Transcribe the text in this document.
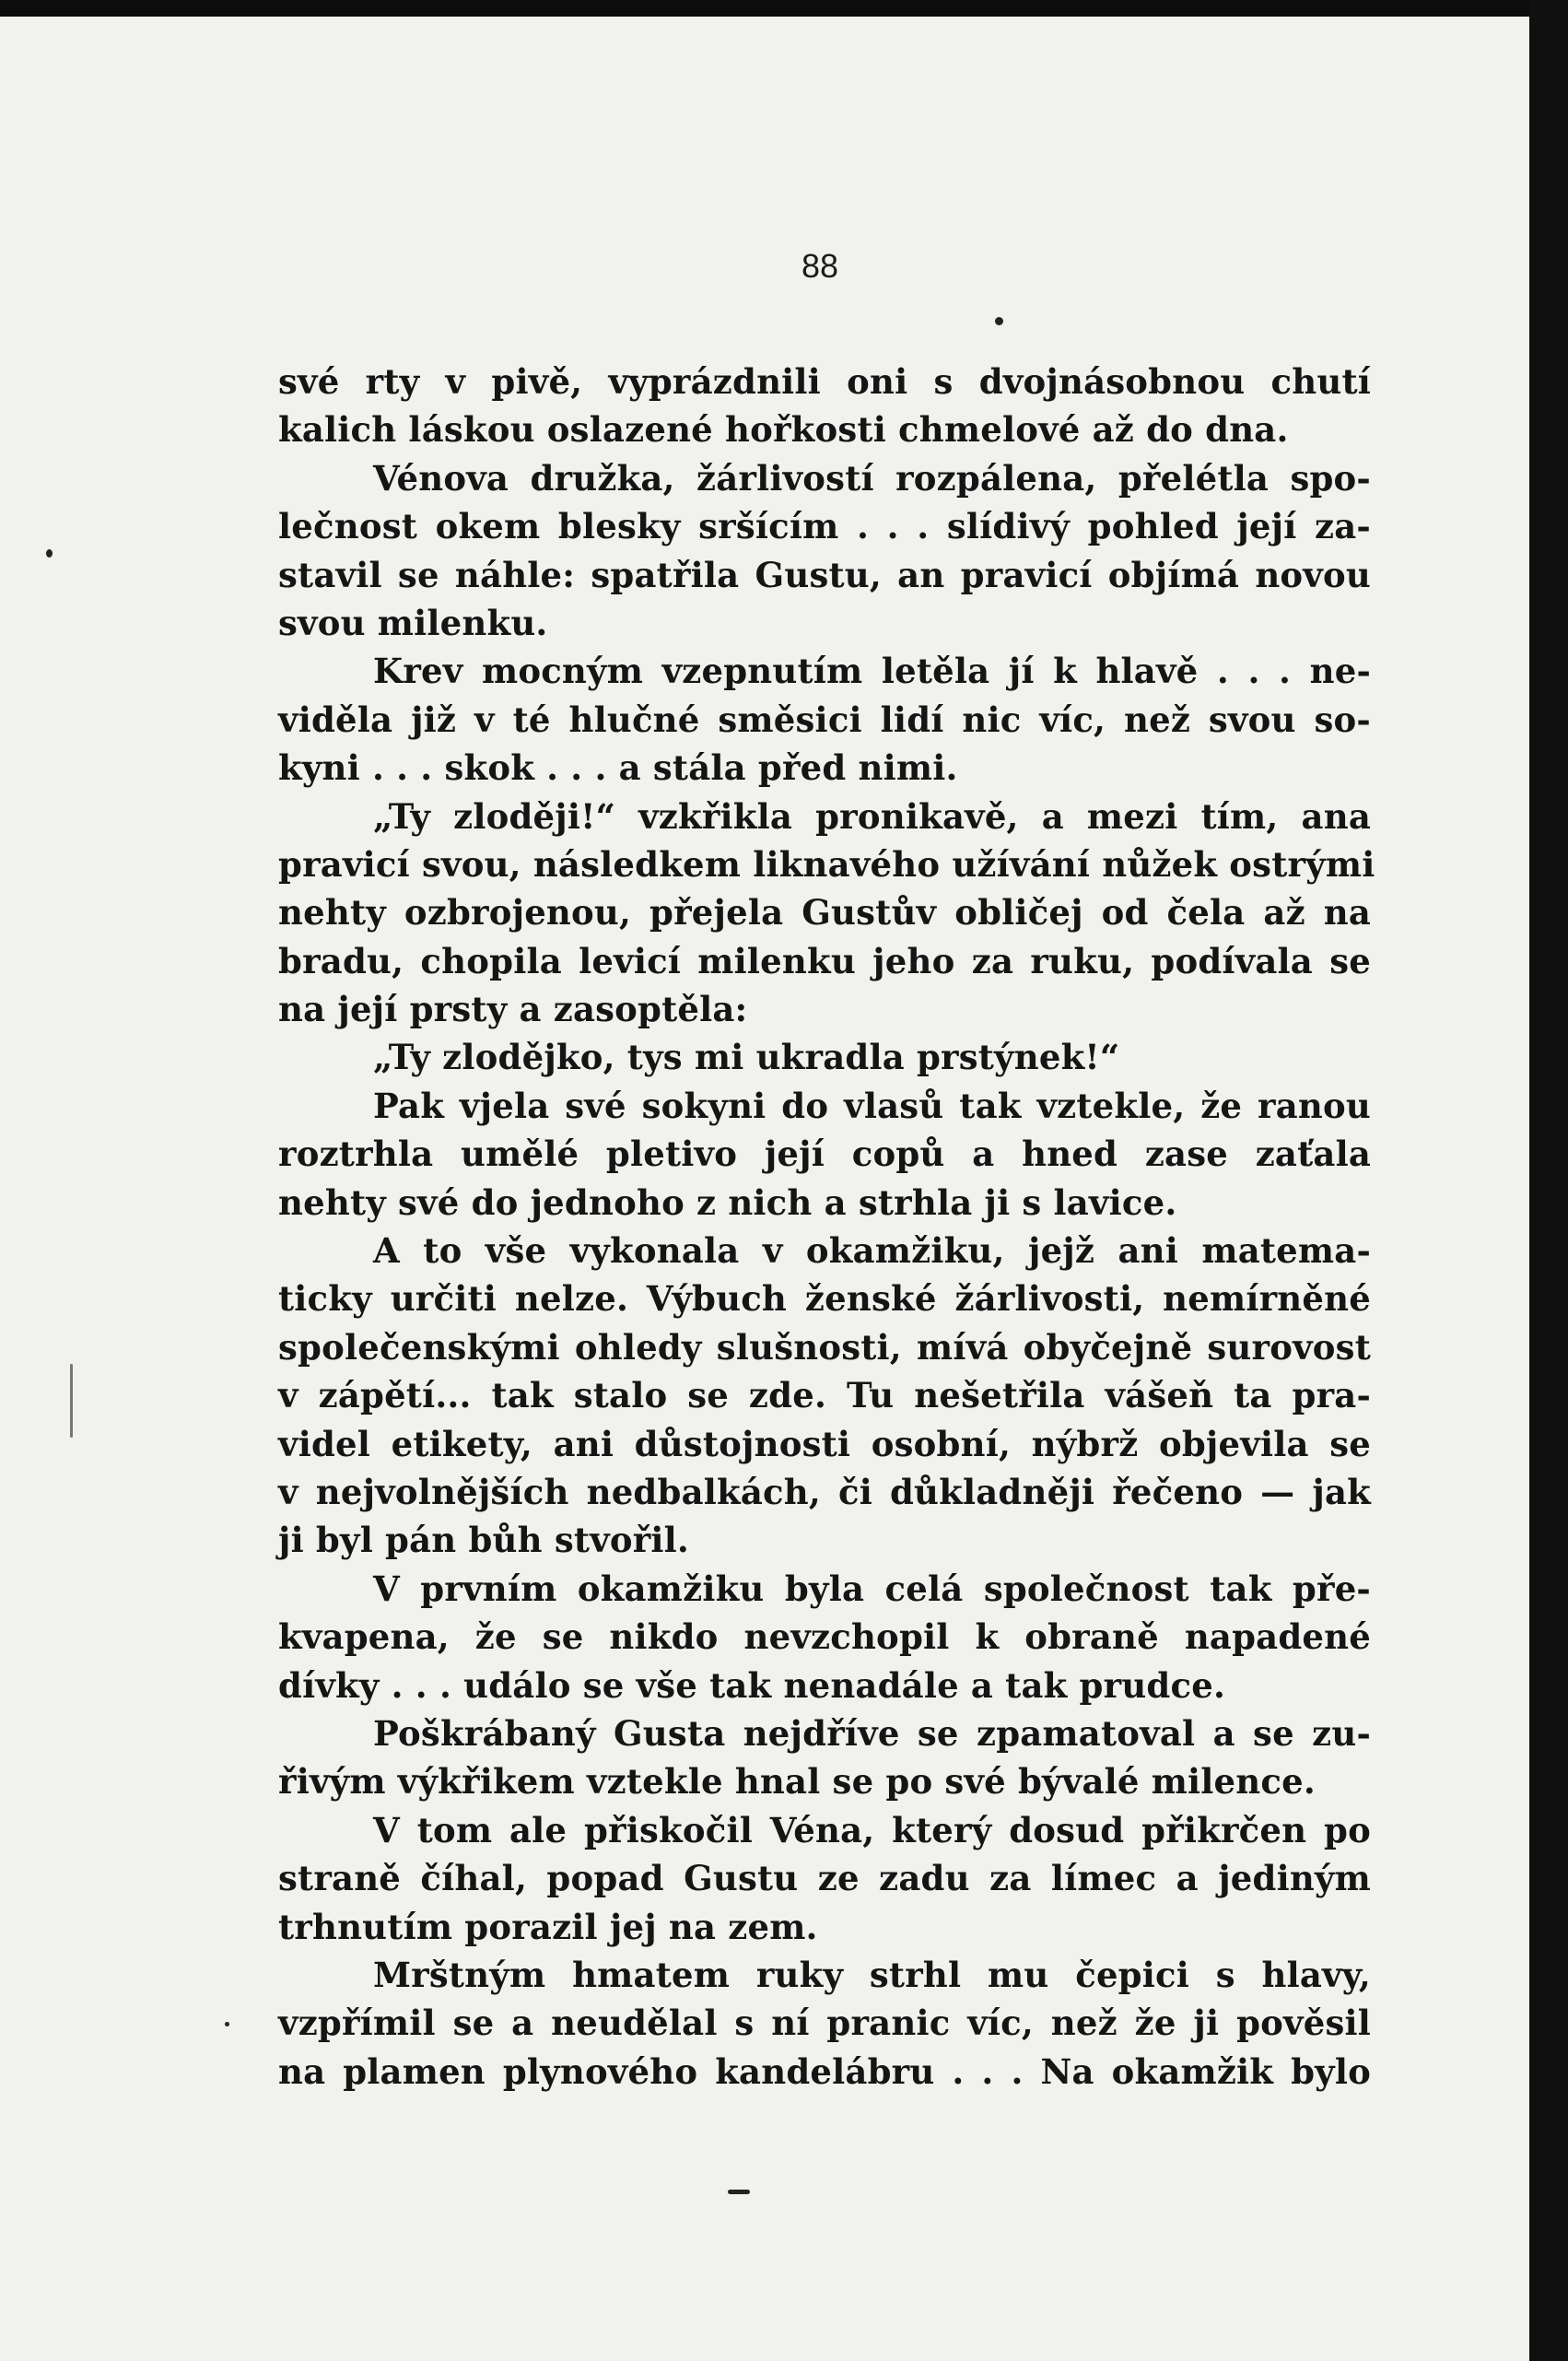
88
své rty v pivě, vyprázdnili oni s dvojnásobnou chutí
kalich láskou oslazené hořkosti chmelové až do dna.
Vénova družka, žárlivostí rozpálena, přelétla spo-
lečnost okem blesky sršícím . . . slídivý pohled její za-
stavil se náhle: spatřila Gustu, an pravicí objímá novou
svou milenku.
Krev mocným vzepnutím letěla jí k hlavě . . . ne-
viděla již v té hlučné směsici lidí nic víc, než svou so-
kyni . . . skok . . . a stála před nimi.
„Ty zloději!“ vzkřikla pronikavě, a mezi tím, ana
pravicí svou, následkem liknavého užívání nůžek ostrými
nehty ozbrojenou, přejela Gustův obličej od čela až na
bradu, chopila levicí milenku jeho za ruku, podívala se
na její prsty a zasoptěla:
„Ty zlodějko, tys mi ukradla prstýnek!“
Pak vjela své sokyni do vlasů tak vztekle, že ranou
roztrhla umělé pletivo její copů a hned zase zaťala
nehty své do jednoho z nich a strhla ji s lavice.
A to vše vykonala v okamžiku, jejž ani matema-
ticky určiti nelze. Výbuch ženské žárlivosti, nemírněné
společenskými ohledy slušnosti, mívá obyčejně surovost
v zápětí... tak stalo se zde. Tu nešetřila vášeň ta pra-
videl etikety, ani důstojnosti osobní, nýbrž objevila se
v nejvolnějších nedbalkách, či důkladněji řečeno — jak
ji byl pán bůh stvořil.
V prvním okamžiku byla celá společnost tak pře-
kvapena, že se nikdo nevzchopil k obraně napadené
dívky . . . událo se vše tak nenadále a tak prudce.
Poškrábaný Gusta nejdříve se zpamatoval a se zu-
řivým výkřikem vztekle hnal se po své bývalé milence.
V tom ale přiskočil Véna, který dosud přikrčen po
straně číhal, popad Gustu ze zadu za límec a jediným
trhnutím porazil jej na zem.
Mrštným hmatem ruky strhl mu čepici s hlavy,
vzpřímil se a neudělal s ní pranic víc, než že ji pověsil
na plamen plynového kandelábru . . . Na okamžik bylo
